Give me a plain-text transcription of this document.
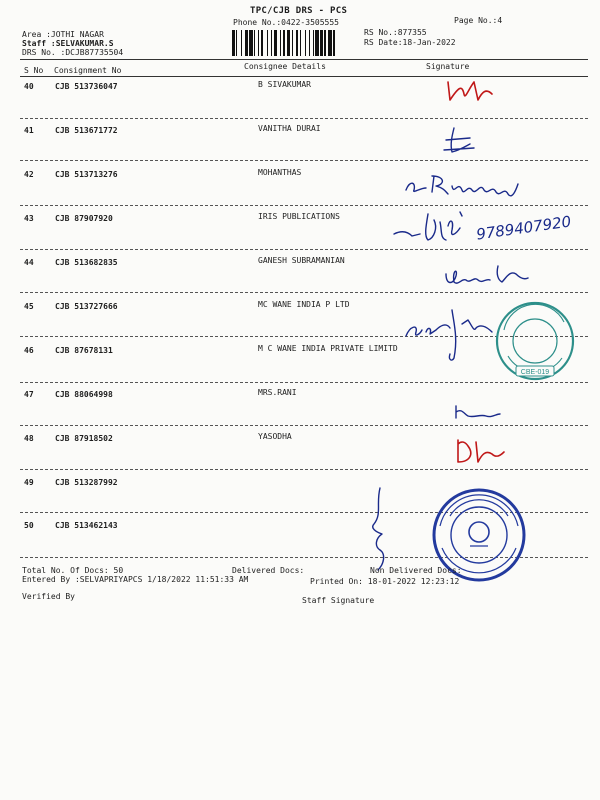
TPC/CJB DRS - PCS
Phone No.:0422-3505555	Page No.:4
Area :JOTHI NAGAR
Staff :SELVAKUMAR.S
DRS No. :DCJB87735504
RS No.:877355
RS Date:18-Jan-2022
S No Consignment No	Consignee Details	Signature
40	CJB 513736047	B SIVAKUMAR
41	CJB 513671772	VANITHA DURAI
42	CJB 513713276	MOHANTHAS
43	CJB 87907920	IRIS PUBLICATIONS
44	CJB 513682835	GANESH SUBRAMANIAN
45	CJB 513727666	MC WANE INDIA P LTD
46	CJB 87678131	M C WANE INDIA PRIVATE LIMITD
47	CJB 88064998	MRS.RANI
48	CJB 87918502	YASODHA
49	CJB 513287992
50	CJB 513462143
9789407920
CBE-019
Total No. Of Docs: 50	Delivered Docs:	Non Delivered Docs:
Entered By :SELVAPRIYAPCS 1/18/2022 11:51:33 AM	Printed On: 18-01-2022 12:23:12
Verified By	Staff Signature
